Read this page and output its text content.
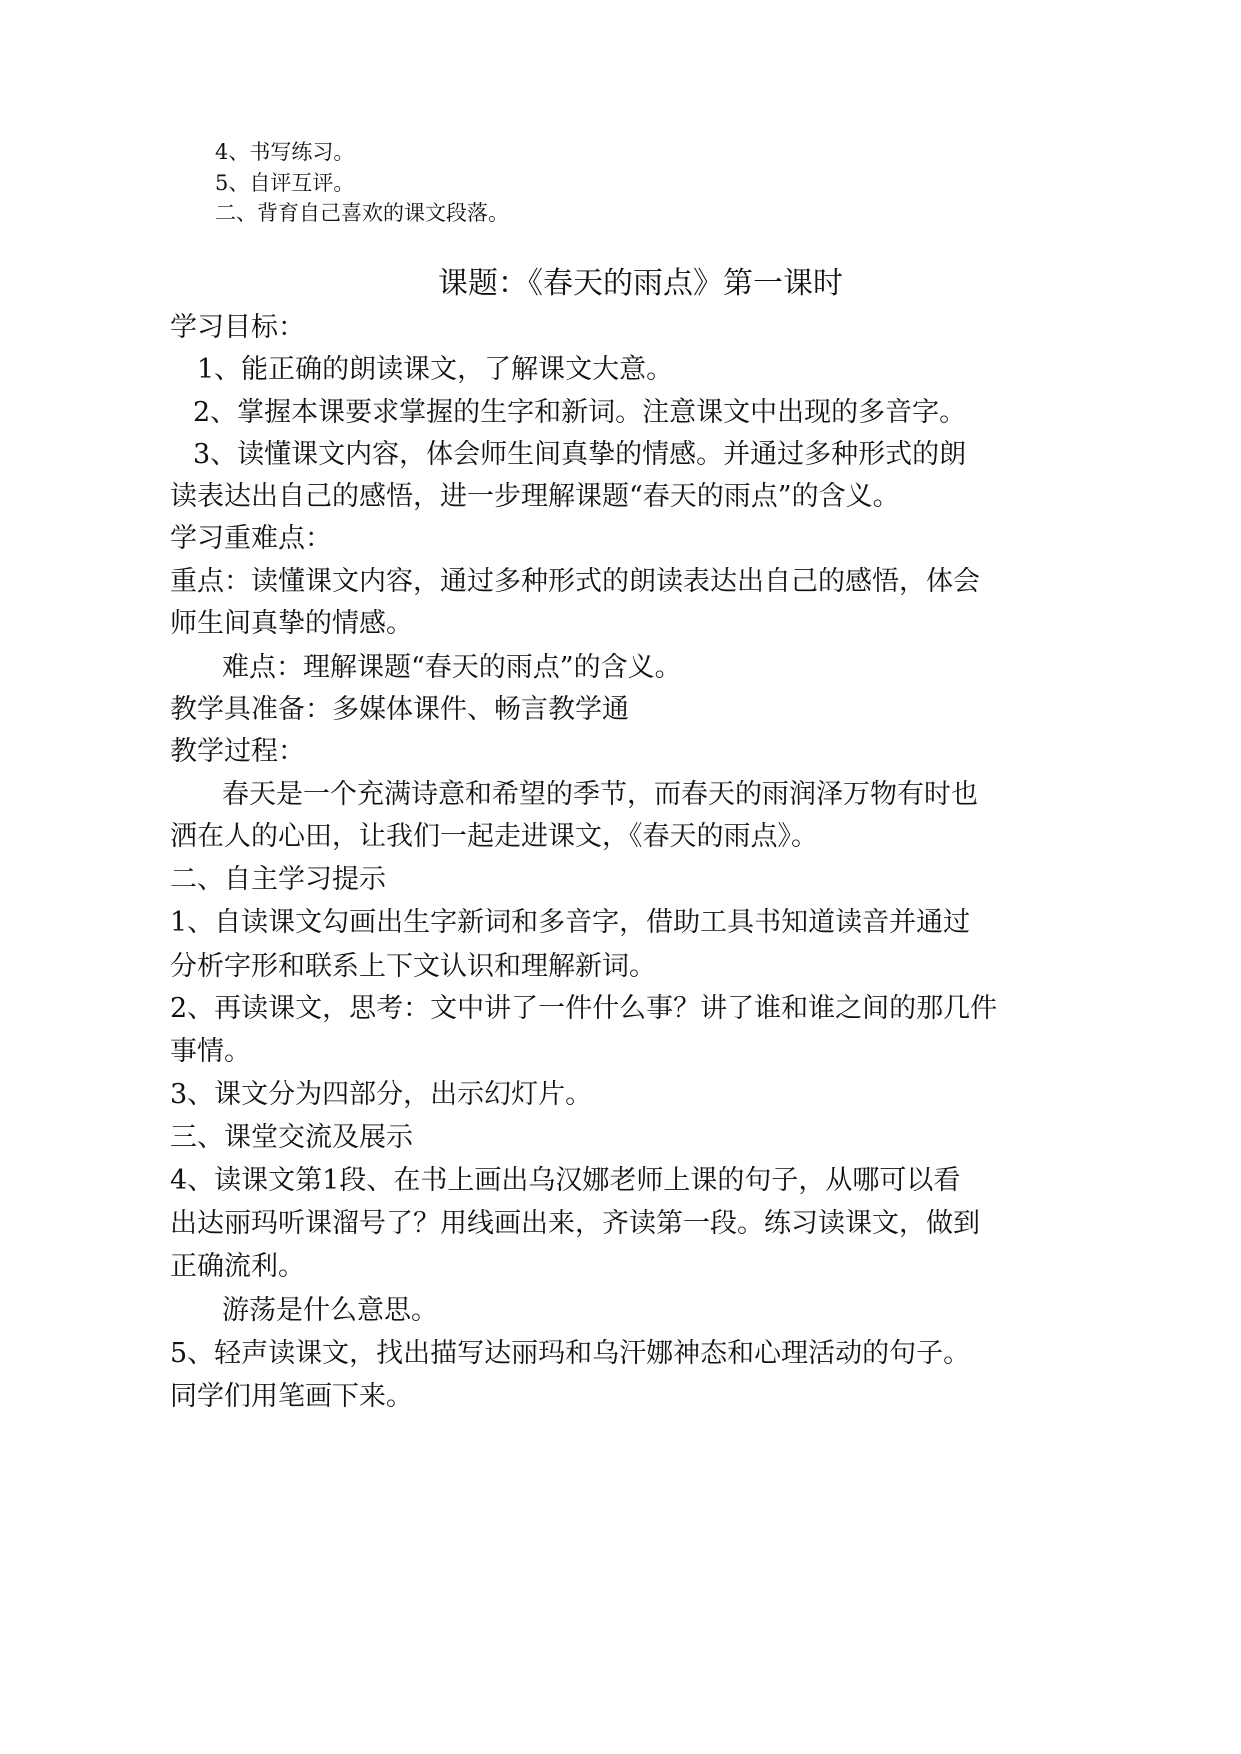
4、书写练习。
5、自评互评。
二、背育自己喜欢的课文段落。
课题：《春天的雨点》第一课时
学习目标：
1、能正确的朗读课文，了解课文大意。
2、掌握本课要求掌握的生字和新词。注意课文中出现的多音字。
3、读懂课文内容，体会师生间真挚的情感。并通过多种形式的朗
读表达出自己的感悟，进一步理解课题“春天的雨点”的含义。
学习重难点：
重点：读懂课文内容，通过多种形式的朗读表达出自己的感悟，体会
师生间真挚的情感。
难点：理解课题“春天的雨点”的含义。
教学具准备：多媒体课件、畅言教学通
教学过程：
春天是一个充满诗意和希望的季节，而春天的雨润泽万物有时也
洒在人的心田，让我们一起走进课文，《春天的雨点》。
二、自主学习提示
1、自读课文勾画出生字新词和多音字，借助工具书知道读音并通过
分析字形和联系上下文认识和理解新词。
2、再读课文，思考：文中讲了一件什么事？讲了谁和谁之间的那几件
事情。
3、课文分为四部分，出示幻灯片。
三、课堂交流及展示
4、读课文第1段、在书上画出乌汉娜老师上课的句子，从哪可以看
出达丽玛听课溜号了？用线画出来，齐读第一段。练习读课文，做到
正确流利。
游荡是什么意思。
5、轻声读课文，找出描写达丽玛和乌汗娜神态和心理活动的句子。
同学们用笔画下来。
